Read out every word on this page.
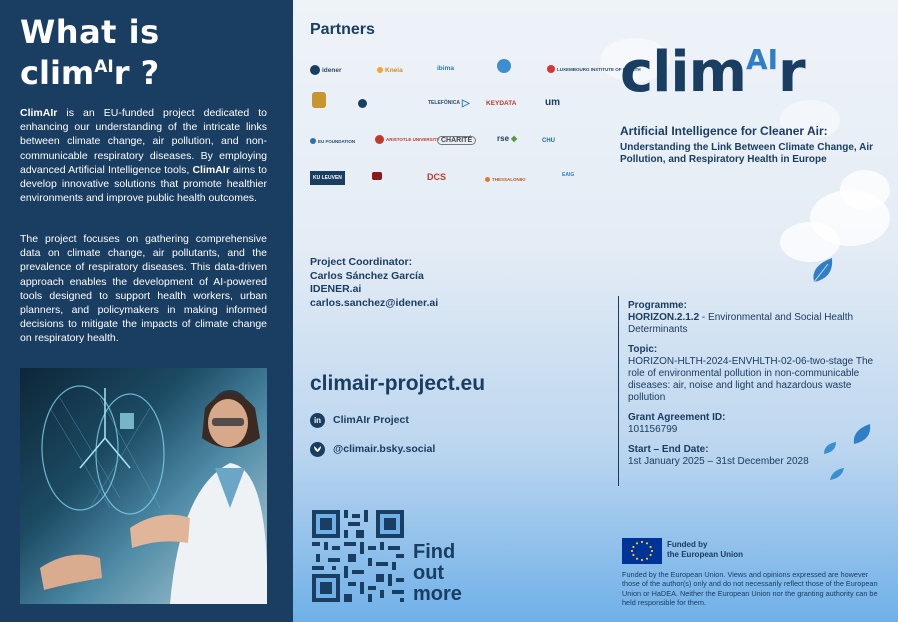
What is
clim$^{AI}$r ?

ClimAIr is an EU-funded project dedicated to enhancing our understanding of the intricate links between climate change, air pollution, and non-communicable respiratory diseases. By employing advanced Artificial Intelligence tools, ClimAIr aims to develop innovative solutions that promote healthier environments and improve public health outcomes.

The project focuses on gathering comprehensive data on climate change, air pollutants, and the prevalence of respiratory diseases. This data-driven approach enables the development of AI-powered tools designed to support health workers, urban planners, and policymakers in making informed decisions to mitigate the impacts of climate change on respiratory health.

Partners
idener	Kneia	ibima	LUXEMBOURG INSTITUTE OF HEALTH
TELEFÓNICA ▷	KEYDATA	um
EU FOUNDATION	ARISTOTLE UNIVERSITY CHARITÉ	rse ◆	CHU
KU LEUVEN	DCS	THESSALONIKI
EAIG
clim$^{AI}$r
Artificial Intelligence for Cleaner Air:
Understanding the Link Between Climate Change, Air Pollution, and Respiratory Health in Europe
Project Coordinator:
Carlos Sánchez García
IDENER.ai
carlos.sanchez@idener.ai	Programme:
HORIZON.2.1.2 - Environmental and Social Health Determinants
Topic:
HORIZON-HLTH-2024-ENVHLTH-02-06-two-stage The role of environmental pollution in non-communicable diseases: air, noise and light and hazardous waste pollution
Grant Agreement ID:
101156799
Start – End Date:
1st January 2025 – 31st December 2028
climair-project.eu
in	ClimAIr Project
@climair.bsky.social
Find
out
more
Funded by
the European Union
Funded by the European Union. Views and opinions expressed are however those of the author(s) only and do not necessarily reflect those of the European Union or HaDEA. Neither the European Union nor the granting authority can be held responsible for them.
